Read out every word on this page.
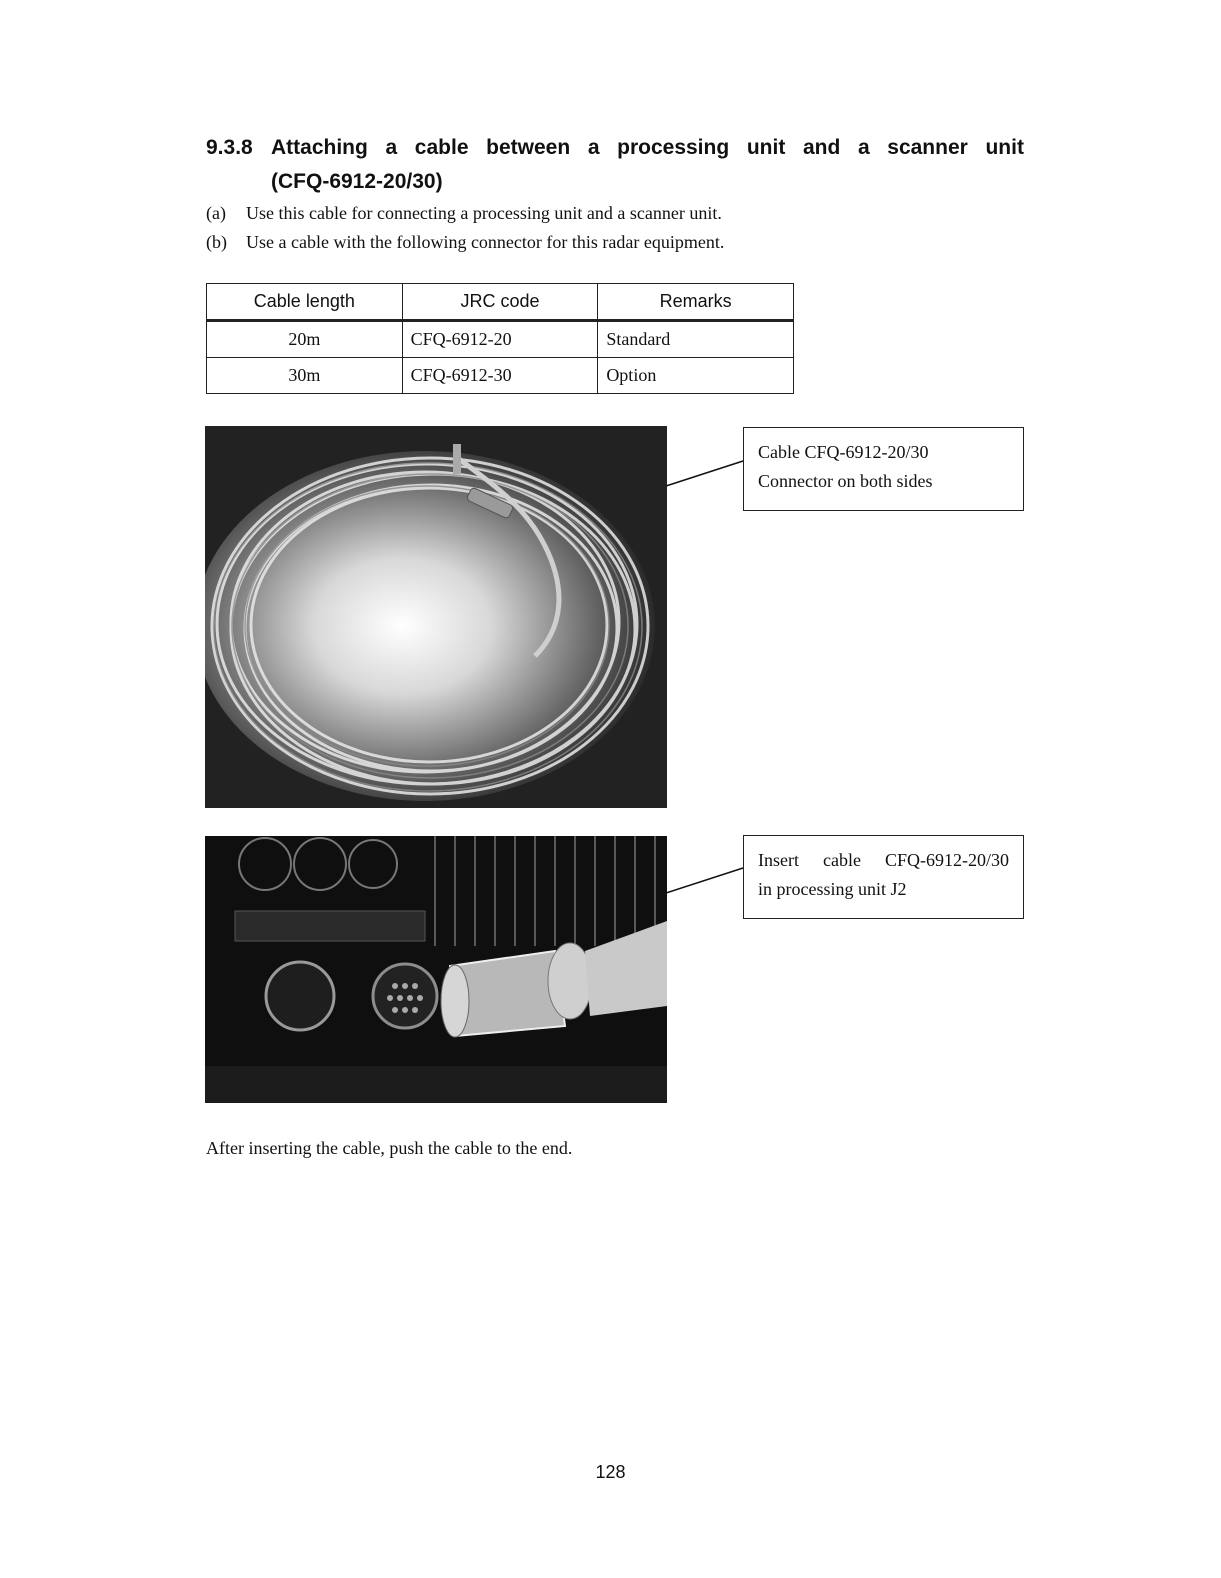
9.3.8 Attaching a cable between a processing unit and a scanner unit
(CFQ-6912-20/30)
(a) Use this cable for connecting a processing unit and a scanner unit.
(b) Use a cable with the following connector for this radar equipment.
Cable length	JRC code	Remarks
20m	CFQ-6912-20	Standard
30m	CFQ-6912-30	Option
Cable CFQ-6912-20/30
Connector on both sides
Insert cable CFQ-6912-20/30
in processing unit J2
After inserting the cable, push the cable to the end.
128
